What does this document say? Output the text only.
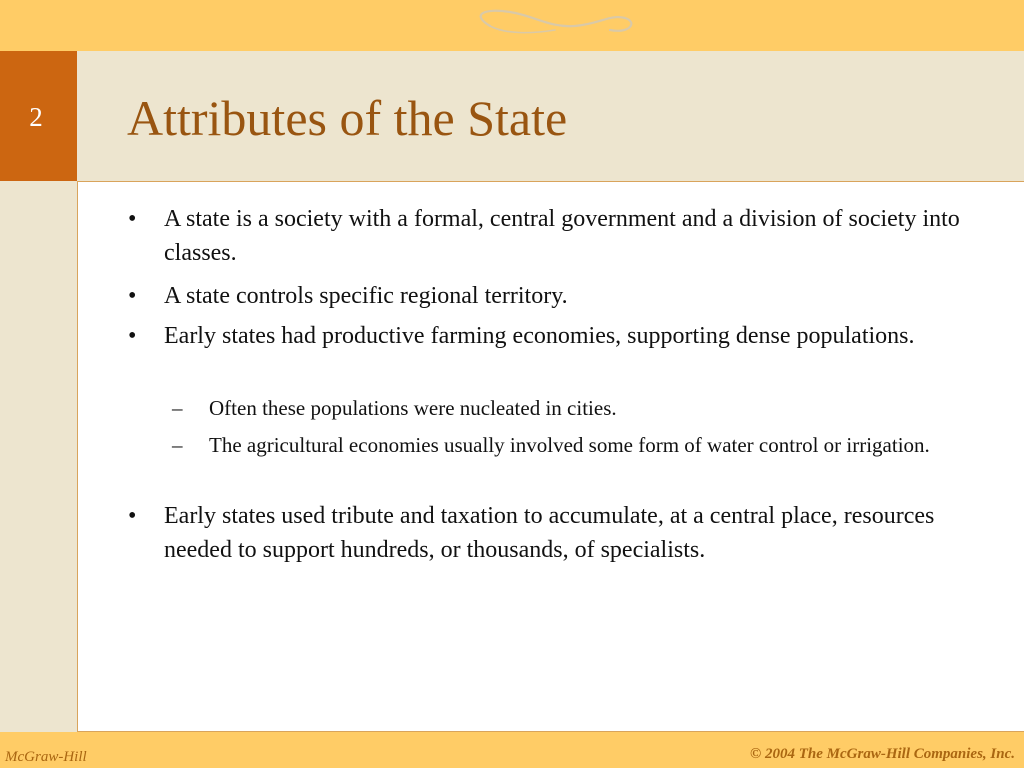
2	Attributes of the State
• A state is a society with a formal, central government and a division of society into classes.
• A state controls specific regional territory.
• Early states had productive farming economies, supporting dense populations.
– Often these populations were nucleated in cities.
– The agricultural economies usually involved some form of water control or irrigation.
• Early states used tribute and taxation to accumulate, at a central place, resources needed to support hundreds, or thousands, of specialists.
McGraw-Hill	© 2004 The McGraw-Hill Companies, Inc.
